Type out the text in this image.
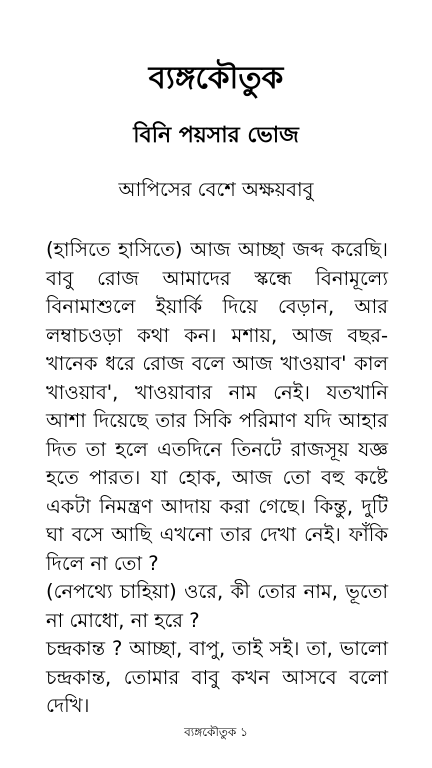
ব্যঙ্গকৌতুক
বিনি পয়সার ভোজ
আপিসের বেশে অক্ষয়বাবু

(হাসিতে হাসিতে) আজ আচ্ছা জব্দ করেছি। বাবু রোজ আমাদের স্কন্ধে বিনামূল্যে বিনামাশুলে ইয়ার্কি দিয়ে বেড়ান, আর লম্বাচওড়া কথা কন। মশায়, আজ বছর-খানেক ধরে রোজ বলে আজ খাওয়াব' কাল খাওয়াব', খাওয়াবার নাম নেই। যতখানি আশা দিয়েছে তার সিকি পরিমাণ যদি আহার দিত তা হলে এতদিনে তিনটে রাজসূয় যজ্ঞ হতে পারত। যা হোক, আজ তো বহু কষ্টে একটা নিমন্ত্রণ আদায় করা গেছে। কিন্তু, দুটি ঘা বসে আছি এখনো তার দেখা নেই। ফাঁকি দিলে না তো ?

(নেপথ্যে চাহিয়া) ওরে, কী তোর নাম, ভূতো না মোধো, না হরে ?

চন্দ্রকান্ত ? আচ্ছা, বাপু, তাই সই। তা, ভালো চন্দ্রকান্ত, তোমার বাবু কখন আসবে বলো দেখি।

ব্যঙ্গকৌতুক ১
